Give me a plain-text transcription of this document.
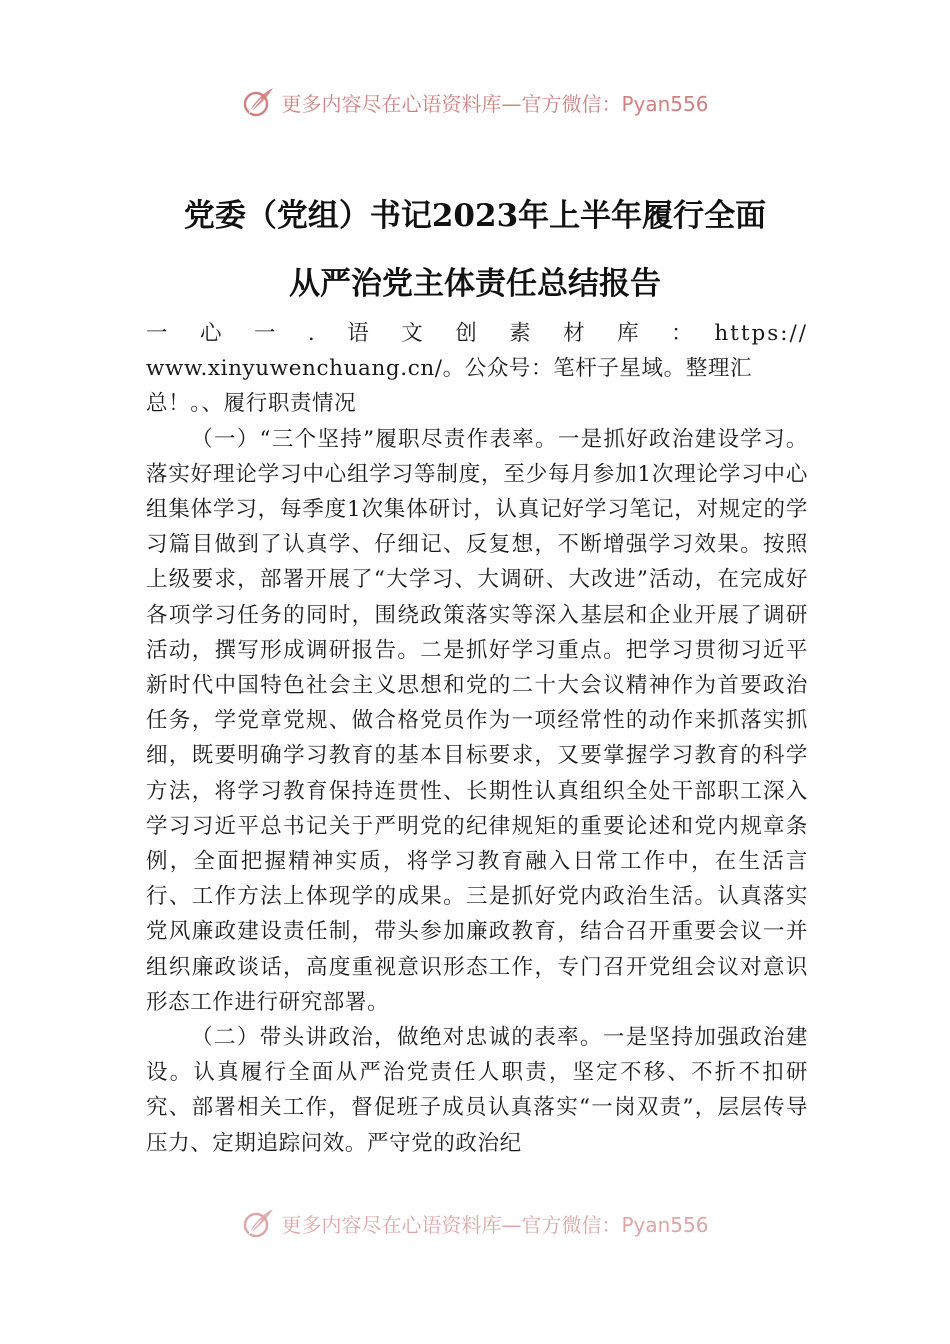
更多内容尽在心语资料库—官方微信：Pyan556
党委（党组）书记2023年上半年履行全面
从严治党主体责任总结报告

一　心　一　.　语　文　创　素　材　库　：　https://

www.xinyuwenchuang.cn/。公众号：笔杆子星域。整理汇

总！。、履行职责情况

（一）“三个坚持”履职尽责作表率。一是抓好政治建设学习。落实好理论学习中心组学习等制度，至少每月参加1次理论学习中心组集体学习，每季度1次集体研讨，认真记好学习笔记，对规定的学习篇目做到了认真学、仔细记、反复想，不断增强学习效果。按照上级要求，部署开展了“大学习、大调研、大改进”活动，在完成好各项学习任务的同时，围绕政策落实等深入基层和企业开展了调研活动，撰写形成调研报告。二是抓好学习重点。把学习贯彻习近平新时代中国特色社会主义思想和党的二十大会议精神作为首要政治任务，学党章党规、做合格党员作为一项经常性的动作来抓落实抓细，既要明确学习教育的基本目标要求，又要掌握学习教育的科学方法，将学习教育保持连贯性、长期性认真组织全处干部职工深入学习习近平总书记关于严明党的纪律规矩的重要论述和党内规章条例，全面把握精神实质，将学习教育融入日常工作中，在生活言行、工作方法上体现学的成果。三是抓好党内政治生活。认真落实党风廉政建设责任制，带头参加廉政教育，结合召开重要会议一并组织廉政谈话，高度重视意识形态工作，专门召开党组会议对意识形态工作进行研究部署。

（二）带头讲政治，做绝对忠诚的表率。一是坚持加强政治建设。认真履行全面从严治党责任人职责，坚定不移、不折不扣研究、部署相关工作，督促班子成员认真落实“一岗双责”，层层传导压力、定期追踪问效。严守党的政治纪

更多内容尽在心语资料库—官方微信：Pyan556
